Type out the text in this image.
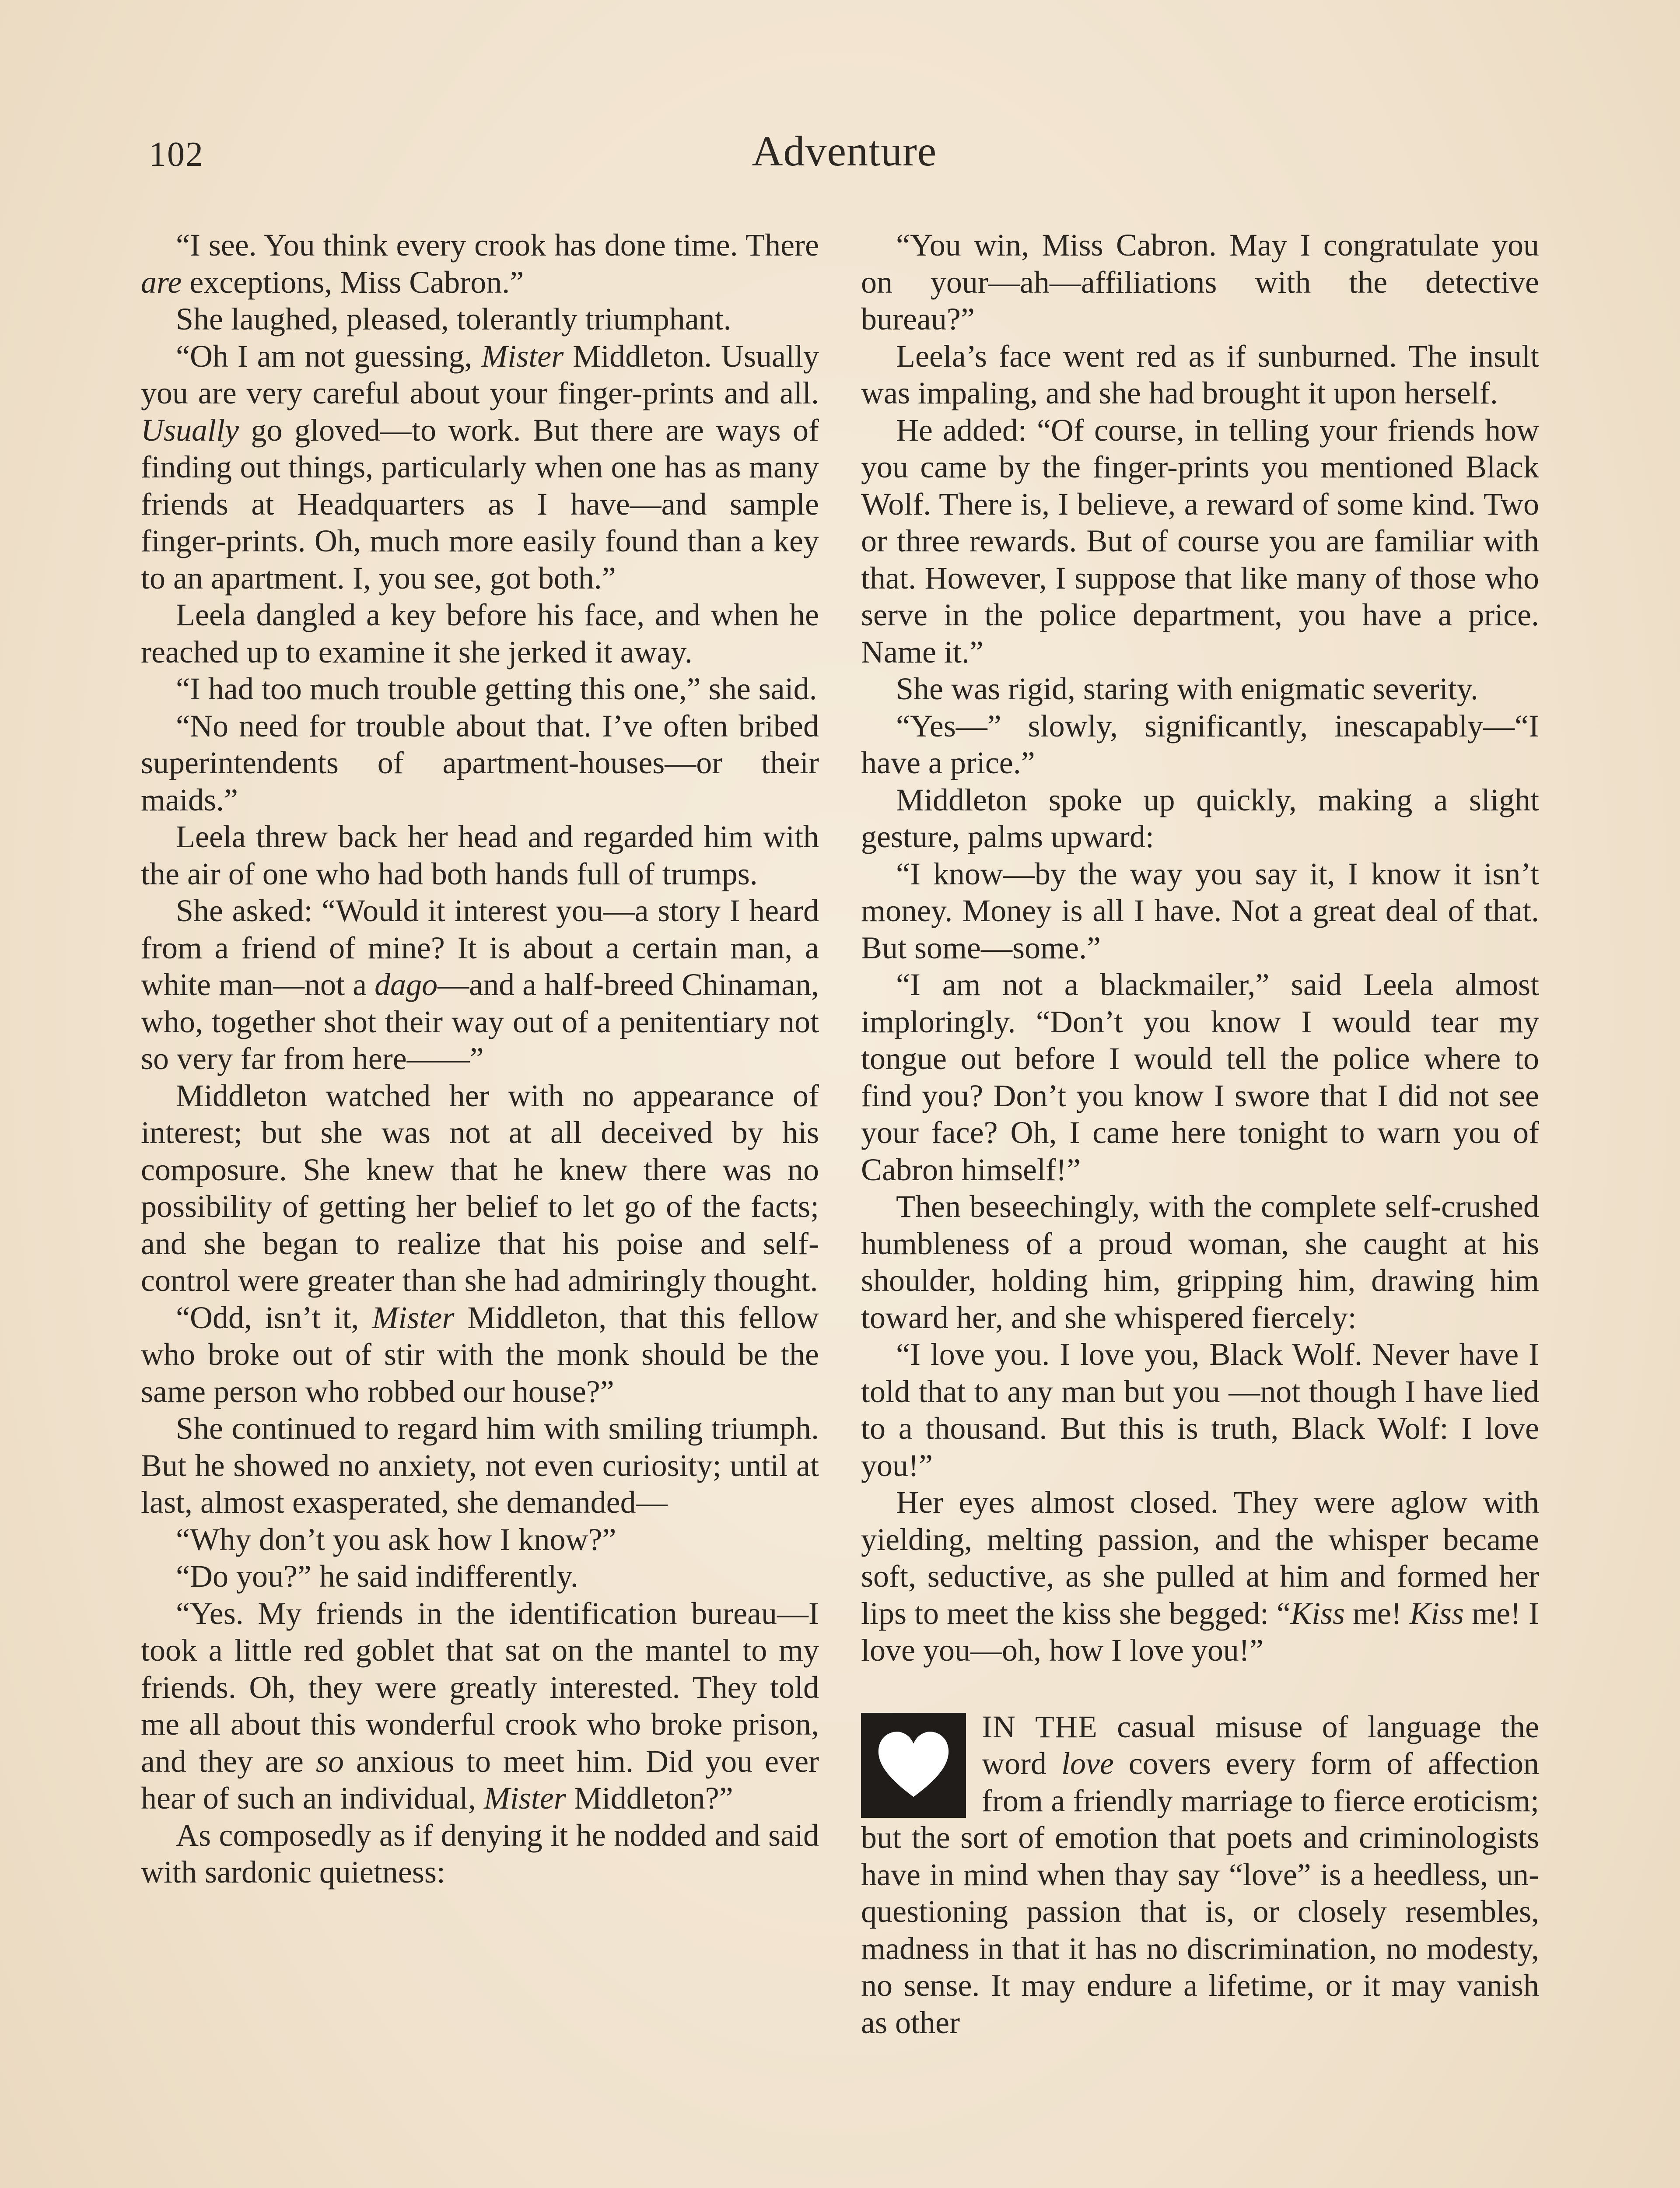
102	Adventure

“I see. You think every crook has done time. There are exceptions, Miss Cabron.”

She laughed, pleased, tolerantly triumphant.

“Oh I am not guessing, Mister Middleton. Usually you are very careful about your finger-prints and all. Usually go gloved—to work. But there are ways of finding out things, particularly when one has as many friends at Headquarters as I have—and sample finger-prints. Oh, much more easily found than a key to an apartment. I, you see, got both.”

Leela dangled a key before his face, and when he reached up to examine it she jerked it away.

“I had too much trouble getting this one,” she said.

“No need for trouble about that. I’ve often bribed superintendents of apartment-houses—or their maids.”

Leela threw back her head and regarded him with the air of one who had both hands full of trumps.

She asked: “Would it interest you—a story I heard from a friend of mine? It is about a certain man, a white man—not a dago—and a half-breed Chinaman, who, together shot their way out of a penitentiary not so very far from here——”

Middleton watched her with no appearance of interest; but she was not at all deceived by his composure. She knew that he knew there was no possibility of getting her belief to let go of the facts; and she began to realize that his poise and self-control were greater than she had admiringly thought.

“Odd, isn’t it, Mister Middleton, that this fellow who broke out of stir with the monk should be the same person who robbed our house?”

She continued to regard him with smiling triumph. But he showed no anxiety, not even curiosity; until at last, almost exasperated, she demanded—

“Why don’t you ask how I know?”

“Do you?” he said indifferently.

“Yes. My friends in the identification bureau—I took a little red goblet that sat on the mantel to my friends. Oh, they were greatly interested. They told me all about this wonderful crook who broke prison, and they are so anxious to meet him. Did you ever hear of such an individual, Mister Middleton?”

As composedly as if denying it he nodded and said with sardonic quietness:

“You win, Miss Cabron. May I congratulate you on your—ah—affiliations with the detective bureau?”

Leela’s face went red as if sunburned. The insult was impaling, and she had brought it upon herself.

He added: “Of course, in telling your friends how you came by the finger-prints you mentioned Black Wolf. There is, I believe, a reward of some kind. Two or three rewards. But of course you are familiar with that. However, I suppose that like many of those who serve in the police department, you have a price. Name it.”

She was rigid, staring with enigmatic severity.

“Yes—” slowly, significantly, inescapably—“I have a price.”

Middleton spoke up quickly, making a slight gesture, palms upward:

“I know—by the way you say it, I know it isn’t money. Money is all I have. Not a great deal of that. But some—some.”

“I am not a blackmailer,” said Leela almost imploringly. “Don’t you know I would tear my tongue out before I would tell the police where to find you? Don’t you know I swore that I did not see your face? Oh, I came here tonight to warn you of Cabron himself!”

Then beseechingly, with the complete self-crushed humbleness of a proud woman, she caught at his shoulder, holding him, gripping him, drawing him toward her, and she whispered fiercely:

“I love you. I love you, Black Wolf. Never have I told that to any man but you —not though I have lied to a thousand. But this is truth, Black Wolf: I love you!”

Her eyes almost closed. They were aglow with yielding, melting passion, and the whisper became soft, seductive, as she pulled at him and formed her lips to meet the kiss she begged: “Kiss me! Kiss me! I love you—oh, how I love you!”

IN THE casual misuse of language the word love covers every form of affection from a friendly marriage to fierce eroticism; but the sort of emotion that poets and criminologists have in mind when thay say “love” is a heedless, unquestioning passion that is, or closely resembles, madness in that it has no discrimination, no modesty, no sense. It may endure a lifetime, or it may vanish as other
